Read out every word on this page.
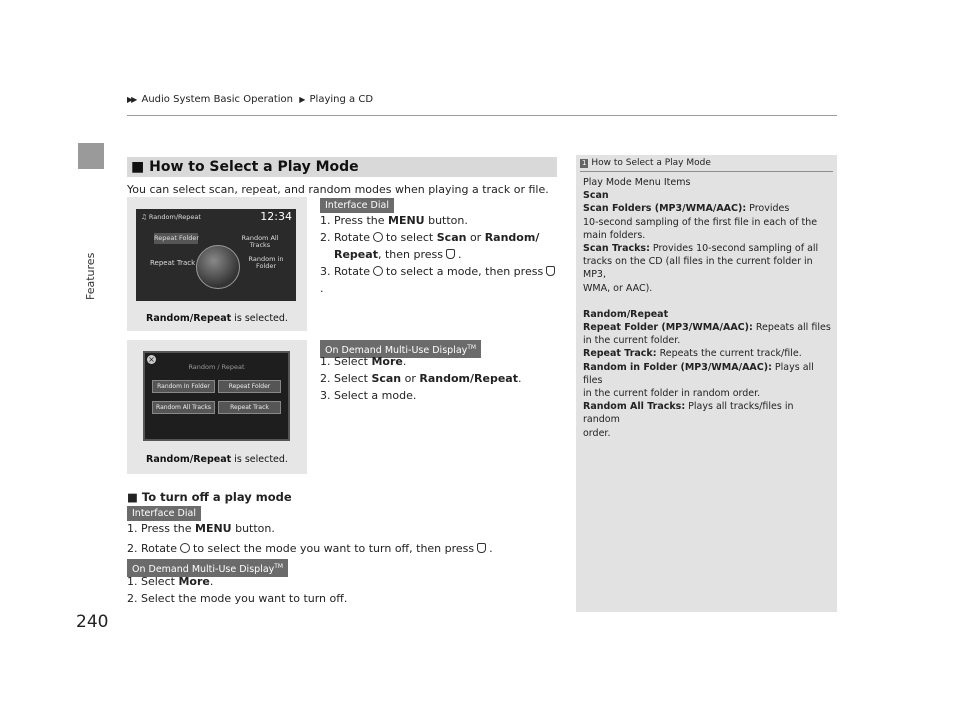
▶▶ Audio System Basic Operation ▶ Playing a CD
Features
240
■ How to Select a Play Mode
You can select scan, repeat, and random modes when playing a track or file.
♫ Random/Repeat	12:34
Repeat Folder	Random All Tracks
Repeat Track	Random in Folder
Random/Repeat is selected.
Interface Dial
1. Press the MENU button.
2. Rotate to select Scan or Random/
Repeat, then press .
3. Rotate to select a mode, then press.
×
Random / Repeat
Random In Folder	Repeat Folder
Random All Tracks	Repeat Track
Random/Repeat is selected.
On Demand Multi-Use Display™
1. Select More.
2. Select Scan or Random/Repeat.
3. Select a mode.
■ To turn off a play mode
Interface Dial
1. Press the MENU button.
2. Rotate to select the mode you want to turn off, then press .
On Demand Multi-Use Display™
1. Select More.
2. Select the mode you want to turn off.
1 How to Select a Play Mode

Play Mode Menu Items

Scan

Scan Folders (MP3/WMA/AAC): Provides

10-second sampling of the first file in each of the

main folders.

Scan Tracks: Provides 10-second sampling of all

tracks on the CD (all files in the current folder in MP3,

WMA, or AAC).

Random/Repeat

Repeat Folder (MP3/WMA/AAC): Repeats all files

in the current folder.

Repeat Track: Repeats the current track/file.

Random in Folder (MP3/WMA/AAC): Plays all files

in the current folder in random order.

Random All Tracks: Plays all tracks/files in random

order.
